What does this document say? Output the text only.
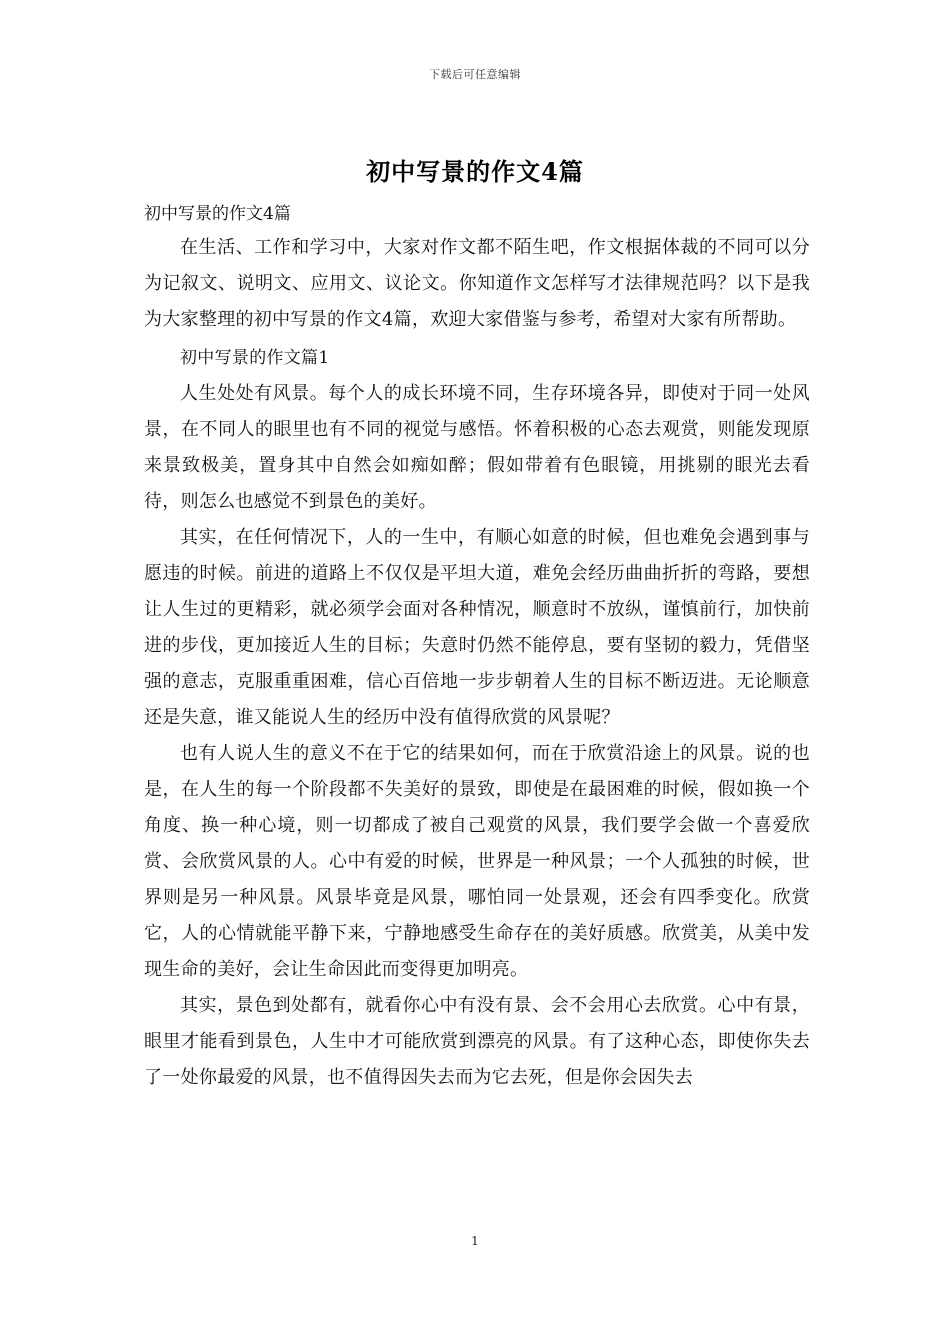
下载后可任意编辑
初中写景的作文4篇
初中写景的作文4篇

在生活、工作和学习中，大家对作文都不陌生吧，作文根据体裁的不同可以分为记叙文、说明文、应用文、议论文。你知道作文怎样写才法律规范吗？以下是我为大家整理的初中写景的作文4篇，欢迎大家借鉴与参考，希望对大家有所帮助。

初中写景的作文篇1

人生处处有风景。每个人的成长环境不同，生存环境各异，即使对于同一处风景，在不同人的眼里也有不同的视觉与感悟。怀着积极的心态去观赏，则能发现原来景致极美，置身其中自然会如痴如醉；假如带着有色眼镜，用挑剔的眼光去看待，则怎么也感觉不到景色的美好。

其实，在任何情况下，人的一生中，有顺心如意的时候，但也难免会遇到事与愿违的时候。前进的道路上不仅仅是平坦大道，难免会经历曲曲折折的弯路，要想让人生过的更精彩，就必须学会面对各种情况，顺意时不放纵，谨慎前行，加快前进的步伐，更加接近人生的目标；失意时仍然不能停息，要有坚韧的毅力，凭借坚强的意志，克服重重困难，信心百倍地一步步朝着人生的目标不断迈进。无论顺意还是失意，谁又能说人生的经历中没有值得欣赏的风景呢？

也有人说人生的意义不在于它的结果如何，而在于欣赏沿途上的风景。说的也是，在人生的每一个阶段都不失美好的景致，即使是在最困难的时候，假如换一个角度、换一种心境，则一切都成了被自己观赏的风景，我们要学会做一个喜爱欣赏、会欣赏风景的人。心中有爱的时候，世界是一种风景；一个人孤独的时候，世界则是另一种风景。风景毕竟是风景，哪怕同一处景观，还会有四季变化。欣赏它，人的心情就能平静下来，宁静地感受生命存在的美好质感。欣赏美，从美中发现生命的美好，会让生命因此而变得更加明亮。

其实，景色到处都有，就看你心中有没有景、会不会用心去欣赏。心中有景，眼里才能看到景色，人生中才可能欣赏到漂亮的风景。有了这种心态，即使你失去了一处你最爱的风景，也不值得因失去而为它去死，但是你会因失去

1
